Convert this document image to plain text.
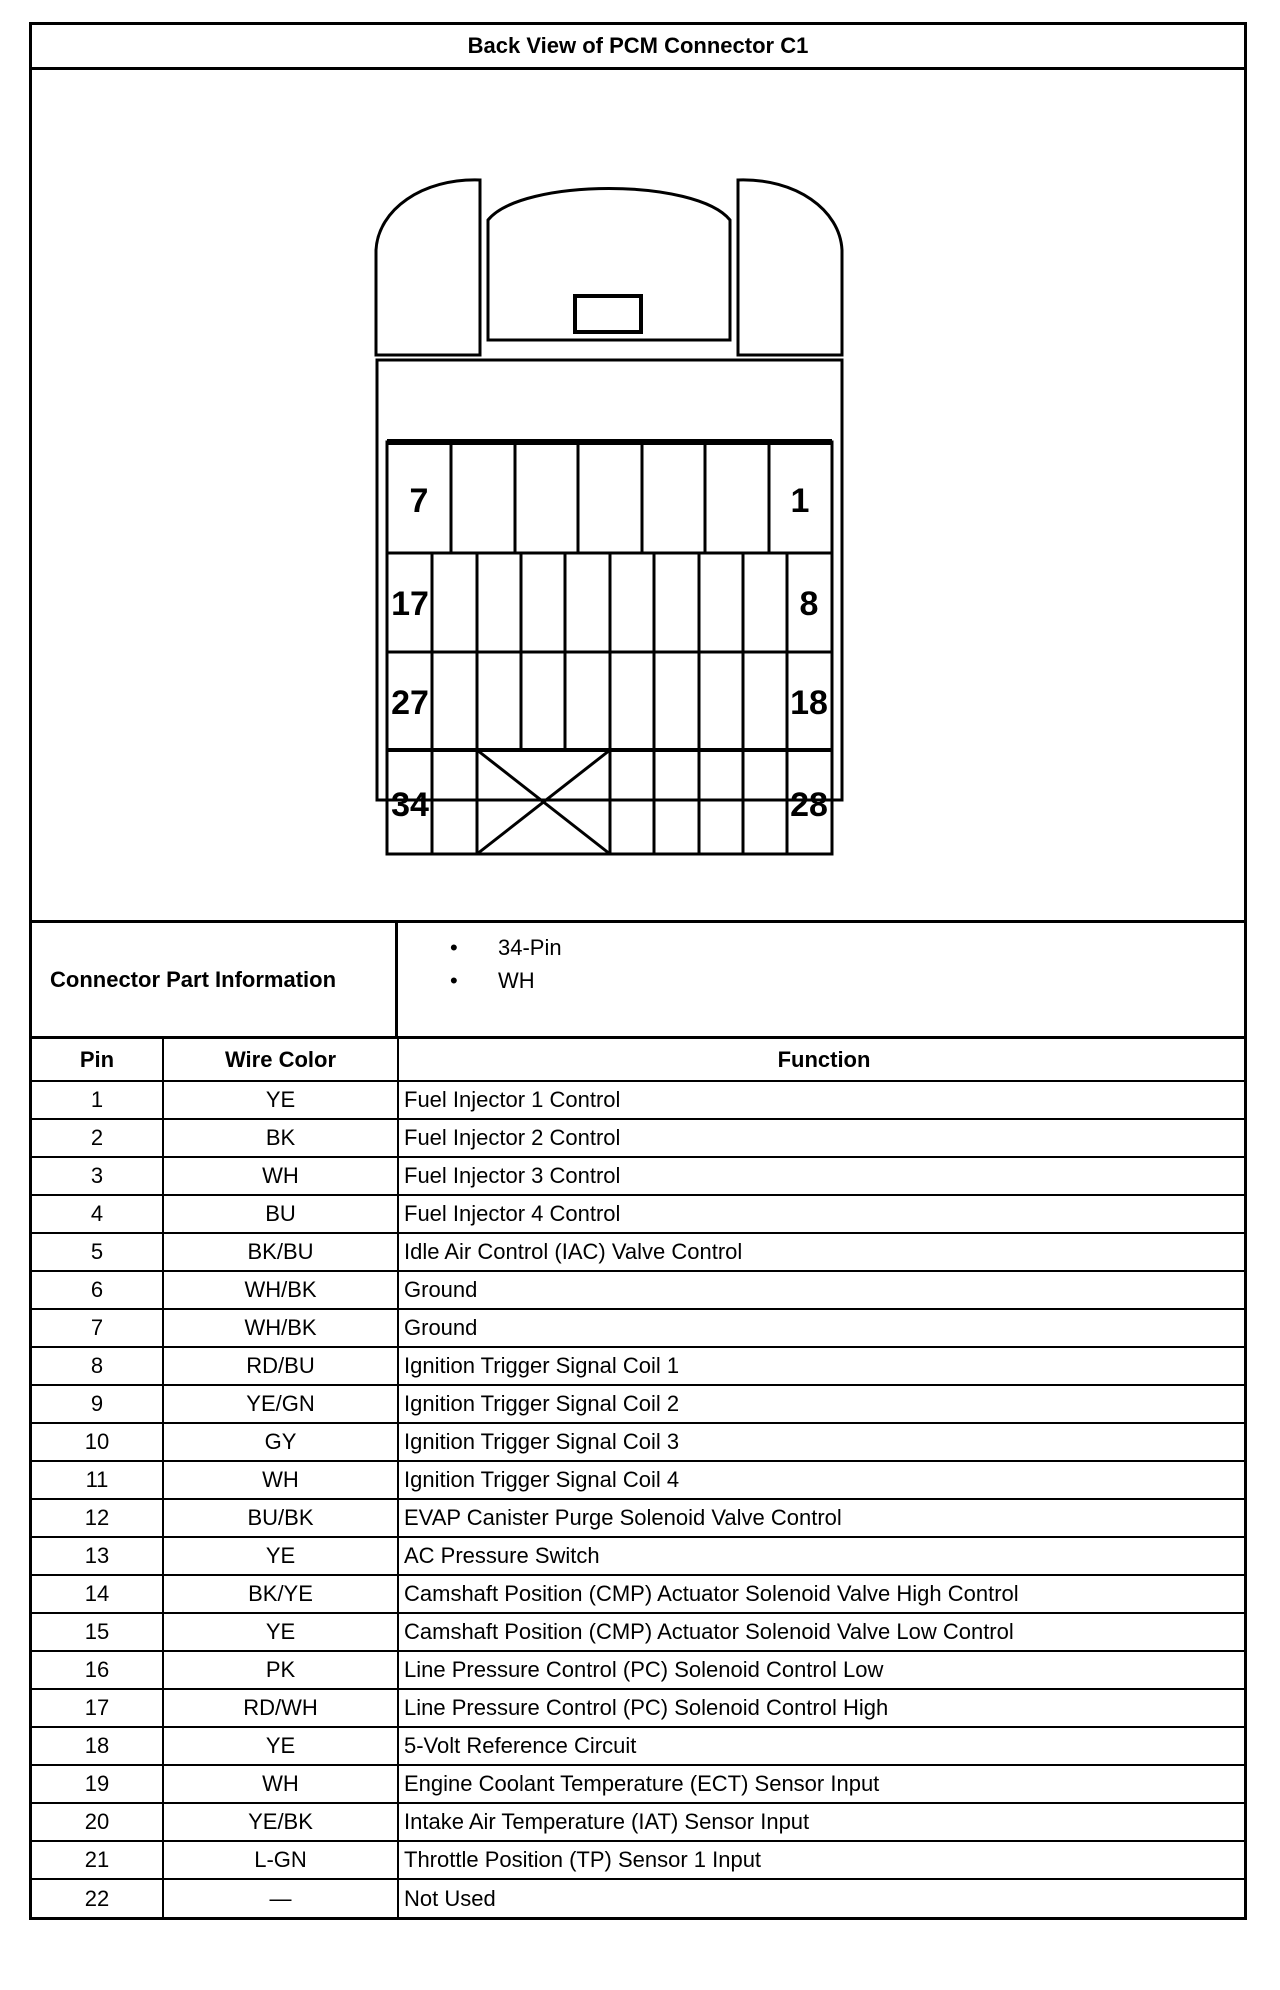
Back View of PCM Connector C1
7	1
17	8
27	18
34	28
Connector Part Information
• 34-Pin
• WH
Pin	Wire Color	Function
1	YE	Fuel Injector 1 Control
2	BK	Fuel Injector 2 Control
3	WH	Fuel Injector 3 Control
4	BU	Fuel Injector 4 Control
5	BK/BU	Idle Air Control (IAC) Valve Control
6	WH/BK	Ground
7	WH/BK	Ground
8	RD/BU	Ignition Trigger Signal Coil 1
9	YE/GN	Ignition Trigger Signal Coil 2
10	GY	Ignition Trigger Signal Coil 3
11	WH	Ignition Trigger Signal Coil 4
12	BU/BK	EVAP Canister Purge Solenoid Valve Control
13	YE	AC Pressure Switch
14	BK/YE	Camshaft Position (CMP) Actuator Solenoid Valve High Control
15	YE	Camshaft Position (CMP) Actuator Solenoid Valve Low Control
16	PK	Line Pressure Control (PC) Solenoid Control Low
17	RD/WH	Line Pressure Control (PC) Solenoid Control High
18	YE	5-Volt Reference Circuit
19	WH	Engine Coolant Temperature (ECT) Sensor Input
20	YE/BK	Intake Air Temperature (IAT) Sensor Input
21	L-GN	Throttle Position (TP) Sensor 1 Input
22	—	Not Used
